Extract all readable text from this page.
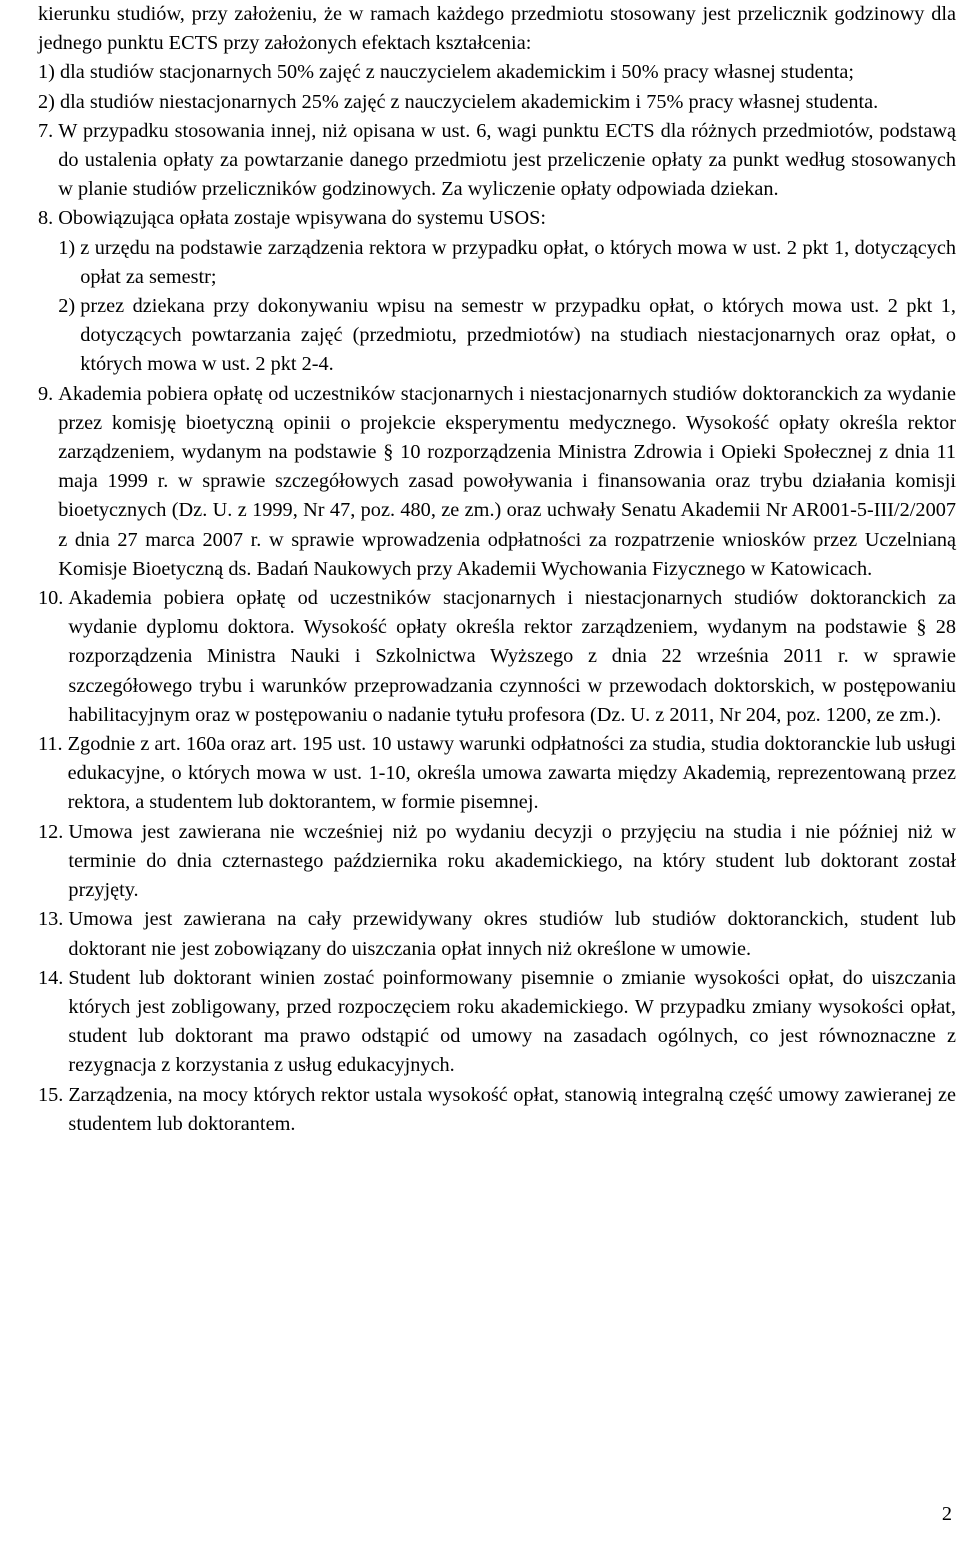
kierunku studiów, przy założeniu, że w ramach każdego przedmiotu stosowany jest przelicznik godzinowy dla jednego punktu ECTS przy założonych efektach kształcenia:

1) dla studiów stacjonarnych 50% zajęć z nauczycielem akademickim i 50% pracy własnej studenta;
2) dla studiów niestacjonarnych 25% zajęć z nauczycielem akademickim i 75% pracy własnej studenta.
7. W przypadku stosowania innej, niż opisana w ust. 6, wagi punktu ECTS dla różnych przedmiotów, podstawą do ustalenia opłaty za powtarzanie danego przedmiotu jest przeliczenie opłaty za punkt według stosowanych w planie studiów przeliczników godzinowych. Za wyliczenie opłaty odpowiada dziekan.
8. Obowiązująca opłata zostaje wpisywana do systemu USOS:
1) z urzędu na podstawie zarządzenia rektora w przypadku opłat, o których mowa w ust. 2 pkt 1, dotyczących opłat za semestr;
2) przez dziekana przy dokonywaniu wpisu na semestr w przypadku opłat, o których mowa ust. 2 pkt 1, dotyczących powtarzania zajęć (przedmiotu, przedmiotów) na studiach niestacjonarnych oraz opłat, o których mowa w ust. 2 pkt 2-4.
9. Akademia pobiera opłatę od uczestników stacjonarnych i niestacjonarnych studiów doktoranckich za wydanie przez komisję bioetyczną opinii o projekcie eksperymentu medycznego. Wysokość opłaty określa rektor zarządzeniem, wydanym na podstawie § 10 rozporządzenia Ministra Zdrowia i Opieki Społecznej z dnia 11 maja 1999 r. w sprawie szczegółowych zasad powoływania i finansowania oraz trybu działania komisji bioetycznych (Dz. U. z 1999, Nr 47, poz. 480, ze zm.) oraz uchwały Senatu Akademii Nr AR001-5-III/2/2007 z dnia 27 marca 2007 r. w sprawie wprowadzenia odpłatności za rozpatrzenie wniosków przez Uczelnianą Komisje Bioetyczną ds. Badań Naukowych przy Akademii Wychowania Fizycznego w Katowicach.
10. Akademia pobiera opłatę od uczestników stacjonarnych i niestacjonarnych studiów doktoranckich za wydanie dyplomu doktora. Wysokość opłaty określa rektor zarządzeniem, wydanym na podstawie § 28 rozporządzenia Ministra Nauki i Szkolnictwa Wyższego z dnia 22 września 2011 r. w sprawie szczegółowego trybu i warunków przeprowadzania czynności w przewodach doktorskich, w postępowaniu habilitacyjnym oraz w postępowaniu o nadanie tytułu profesora (Dz. U. z 2011, Nr 204, poz. 1200, ze zm.).
11. Zgodnie z art. 160a oraz art. 195 ust. 10 ustawy warunki odpłatności za studia, studia doktoranckie lub usługi edukacyjne, o których mowa w ust. 1-10, określa umowa zawarta między Akademią, reprezentowaną przez rektora, a studentem lub doktorantem, w formie pisemnej.
12. Umowa jest zawierana nie wcześniej niż po wydaniu decyzji o przyjęciu na studia i nie później niż w terminie do dnia czternastego października roku akademickiego, na który student lub doktorant został przyjęty.
13. Umowa jest zawierana na cały przewidywany okres studiów lub studiów doktoranckich, student lub doktorant nie jest zobowiązany do uiszczania opłat innych niż określone w umowie.
14. Student lub doktorant winien zostać poinformowany pisemnie o zmianie wysokości opłat, do uiszczania których jest zobligowany, przed rozpoczęciem roku akademickiego. W przypadku zmiany wysokości opłat, student lub doktorant ma prawo odstąpić od umowy na zasadach ogólnych, co jest równoznaczne z rezygnacja z korzystania z usług edukacyjnych.
15. Zarządzenia, na mocy których rektor ustala wysokość opłat, stanowią integralną część umowy zawieranej ze studentem lub doktorantem.
2
